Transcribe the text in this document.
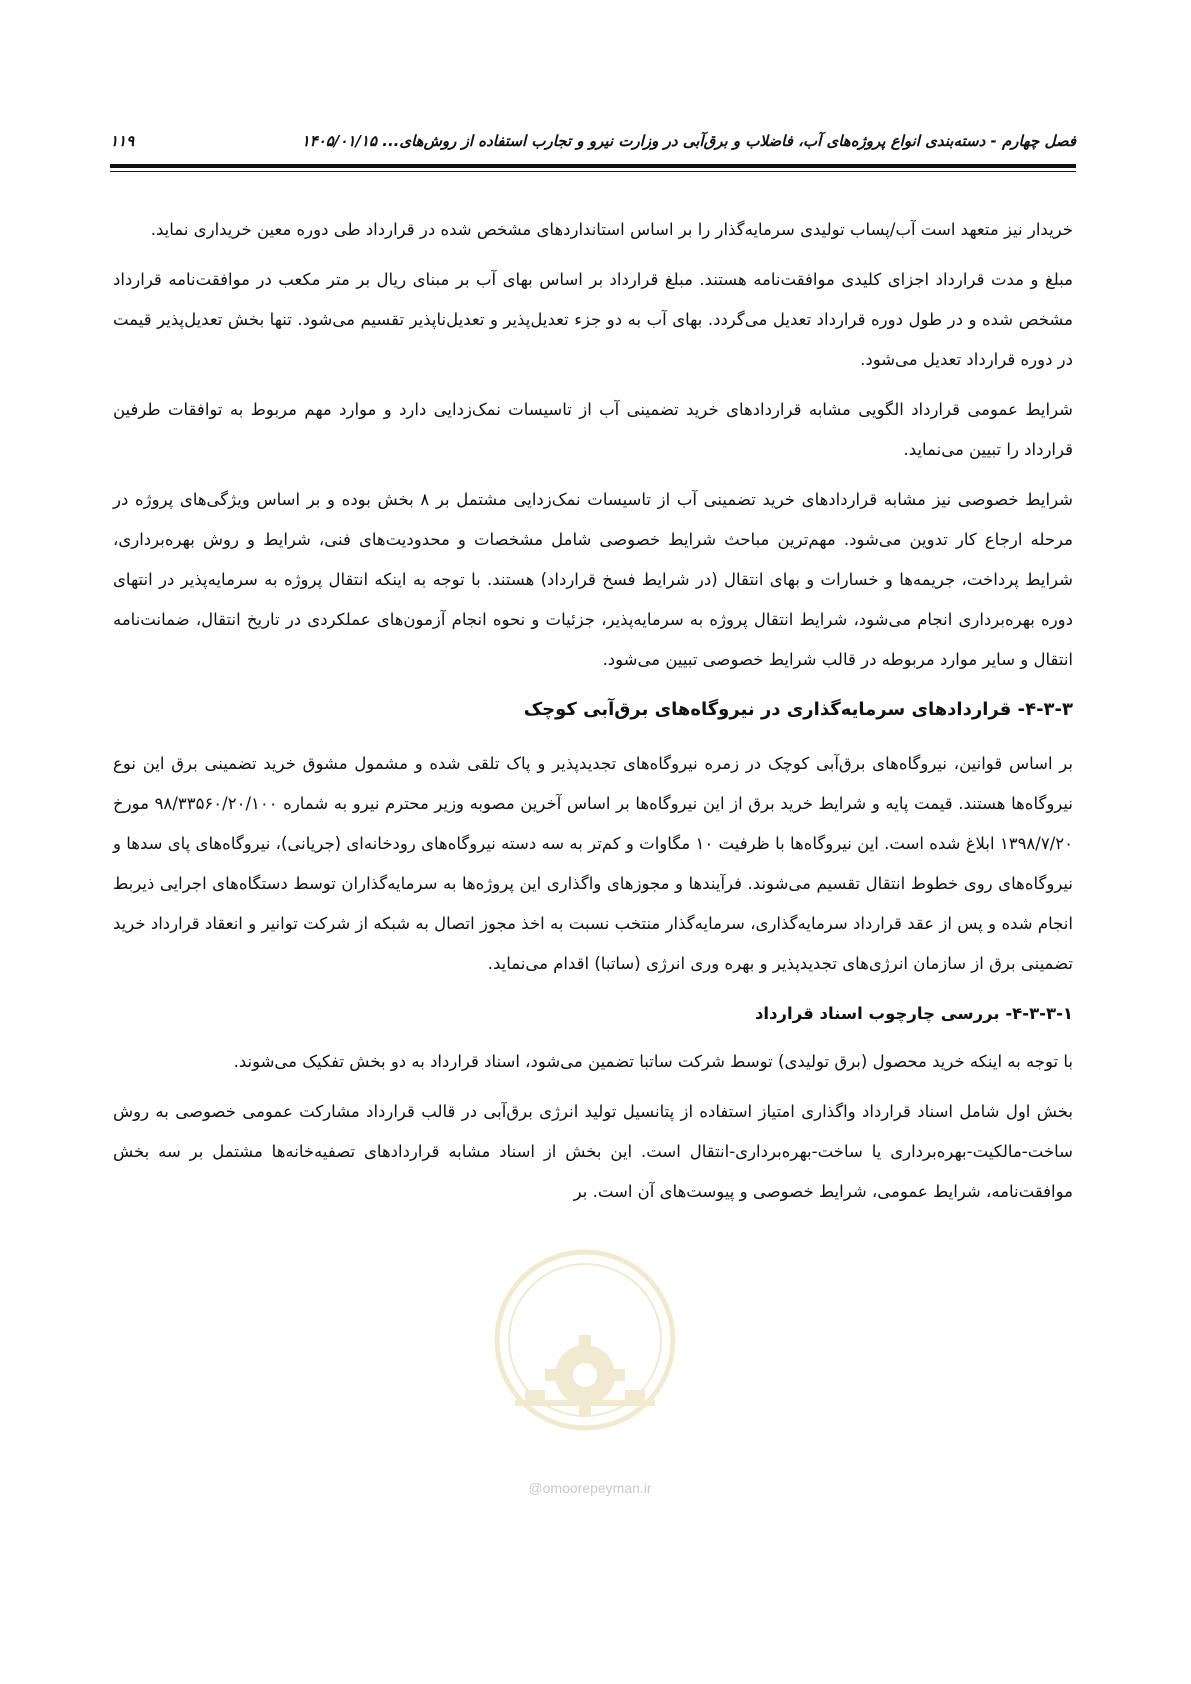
فصل چهارم - دسته‌بندی انواع پروژه‌های آب، فاضلاب و برق‌آبی در وزارت نیرو و تجارب استفاده از روش‌های... ۱۴۰۵/۰۱/۱۵
۱۱۹

خریدار نیز متعهد است آب/پساب تولیدی سرمایه‌گذار را بر اساس استانداردهای مشخص شده در قرارداد طی دوره معین خریداری نماید.

مبلغ و مدت قرارداد اجزای کلیدی موافقت‌نامه هستند. مبلغ قرارداد بر اساس بهای آب بر مبنای ریال بر متر مکعب در موافقت‌نامه قرارداد مشخص شده و در طول دوره قرارداد تعدیل می‌گردد. بهای آب به دو جزء تعدیل‌پذیر و تعدیل‌ناپذیر تقسیم می‌شود. تنها بخش تعدیل‌پذیر قیمت در دوره قرارداد تعدیل می‌شود.

شرایط عمومی قرارداد الگویی مشابه قراردادهای خرید تضمینی آب از تاسیسات نمک‌زدایی دارد و موارد مهم مربوط به توافقات طرفین قرارداد را تبیین می‌نماید.

شرایط خصوصی نیز مشابه قراردادهای خرید تضمینی آب از تاسیسات نمک‌زدایی مشتمل بر ۸ بخش بوده و بر اساس ویژگی‌های پروژه در مرحله ارجاع کار تدوین می‌شود. مهم‌ترین مباحث شرایط خصوصی شامل مشخصات و محدودیت‌های فنی، شرایط و روش بهره‌برداری، شرایط پرداخت، جریمه‌ها و خسارات و بهای انتقال (در شرایط فسخ قرارداد) هستند. با توجه به اینکه انتقال پروژه به سرمایه‌پذیر در انتهای دوره بهره‌برداری انجام می‌شود، شرایط انتقال پروژه به سرمایه‌پذیر، جزئیات و نحوه انجام آزمون‌های عملکردی در تاریخ انتقال، ضمانت‌نامه انتقال و سایر موارد مربوطه در قالب شرایط خصوصی تبیین می‌شود.

۴-۳-۳- قراردادهای سرمایه‌گذاری در نیروگاه‌های برق‌آبی کوچک

بر اساس قوانین، نیروگاه‌های برق‌آبی کوچک در زمره نیروگاه‌های تجدیدپذیر و پاک تلقی شده و مشمول مشوق خرید تضمینی برق این نوع نیروگاه‌ها هستند. قیمت پایه و شرایط خرید برق از این نیروگاه‌ها بر اساس آخرین مصوبه وزیر محترم نیرو به شماره ۹۸/۳۳۵۶۰/۲۰/۱۰۰ مورخ ۱۳۹۸/۷/۲۰ ابلاغ شده است. این نیروگاه‌ها با ظرفیت ۱۰ مگاوات و کم‌تر به سه دسته نیروگاه‌های رودخانه‌ای (جریانی)، نیروگاه‌های پای سدها و نیروگاه‌های روی خطوط انتقال تقسیم می‌شوند. فرآیندها و مجوزهای واگذاری این پروژه‌ها به سرمایه‌گذاران توسط دستگاه‌های اجرایی ذیربط انجام شده و پس از عقد قرارداد سرمایه‌گذاری، سرمایه‌گذار منتخب نسبت به اخذ مجوز اتصال به شبکه از شرکت توانیر و انعقاد قرارداد خرید تضمینی برق از سازمان انرژی‌های تجدیدپذیر و بهره وری انرژی (ساتبا) اقدام می‌نماید.

۴-۳-۳-۱- بررسی چارچوب اسناد قرارداد

با توجه به اینکه خرید محصول (برق تولیدی) توسط شرکت ساتبا تضمین می‌شود، اسناد قرارداد به دو بخش تفکیک می‌شوند.

بخش اول شامل اسناد قرارداد واگذاری امتیاز استفاده از پتانسیل تولید انرژی برق‌آبی در قالب قرارداد مشارکت عمومی خصوصی به روش ساخت-مالکیت-بهره‌برداری یا ساخت-بهره‌برداری-انتقال است. این بخش از اسناد مشابه قراردادهای تصفیه‌خانه‌ها مشتمل بر سه بخش موافقت‌نامه، شرایط عمومی، شرایط خصوصی و پیوست‌های آن است. بر

@omoorepeyman.ir
